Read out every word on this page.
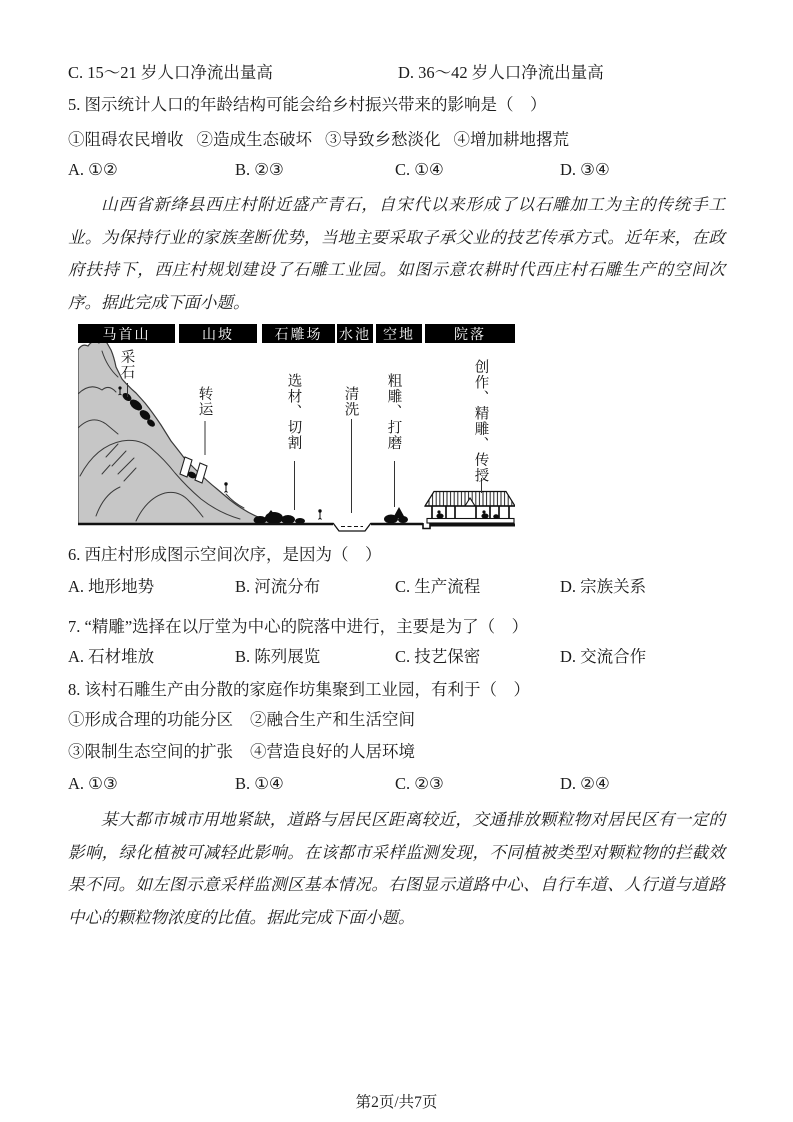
C. 15～21 岁人口净流出量高	D. 36～42 岁人口净流出量高
5. 图示统计人口的年龄结构可能会给乡村振兴带来的影响是（　）
①阻碍农民增收 ②造成生态破坏 ③导致乡愁淡化 ④增加耕地撂荒
A. ①②	B. ②③	C. ①④	D. ③④

山西省新绛县西庄村附近盛产青石，自宋代以来形成了以石雕加工为主的传统手工业。为保持行业的家族垄断优势，当地主要采取子承父业的技艺传承方式。近年来，在政府扶持下，西庄村规划建设了石雕工业园。如图示意农耕时代西庄村石雕生产的空间次序。据此完成下面小题。

马首山	山坡	石雕场	水池 空地	院落
采石
转运	选材、切割	清洗 粗雕、打磨	创作、精雕、传授
6. 西庄村形成图示空间次序，是因为（　）
A. 地形地势	B. 河流分布	C. 生产流程	D. 宗族关系
7. “精雕”选择在以厅堂为中心的院落中进行，主要是为了（　）
A. 石材堆放	B. 陈列展览	C. 技艺保密	D. 交流合作
8. 该村石雕生产由分散的家庭作坊集聚到工业园，有利于（　）
①形成合理的功能分区	②融合生产和生活空间
③限制生态空间的扩张	④营造良好的人居环境
A. ①③	B. ①④	C. ②③	D. ②④

某大都市城市用地紧缺，道路与居民区距离较近，交通排放颗粒物对居民区有一定的影响，绿化植被可减轻此影响。在该都市采样监测发现，不同植被类型对颗粒物的拦截效果不同。如左图示意采样监测区基本情况。右图显示道路中心、自行车道、人行道与道路中心的颗粒物浓度的比值。据此完成下面小题。

第2页/共7页
